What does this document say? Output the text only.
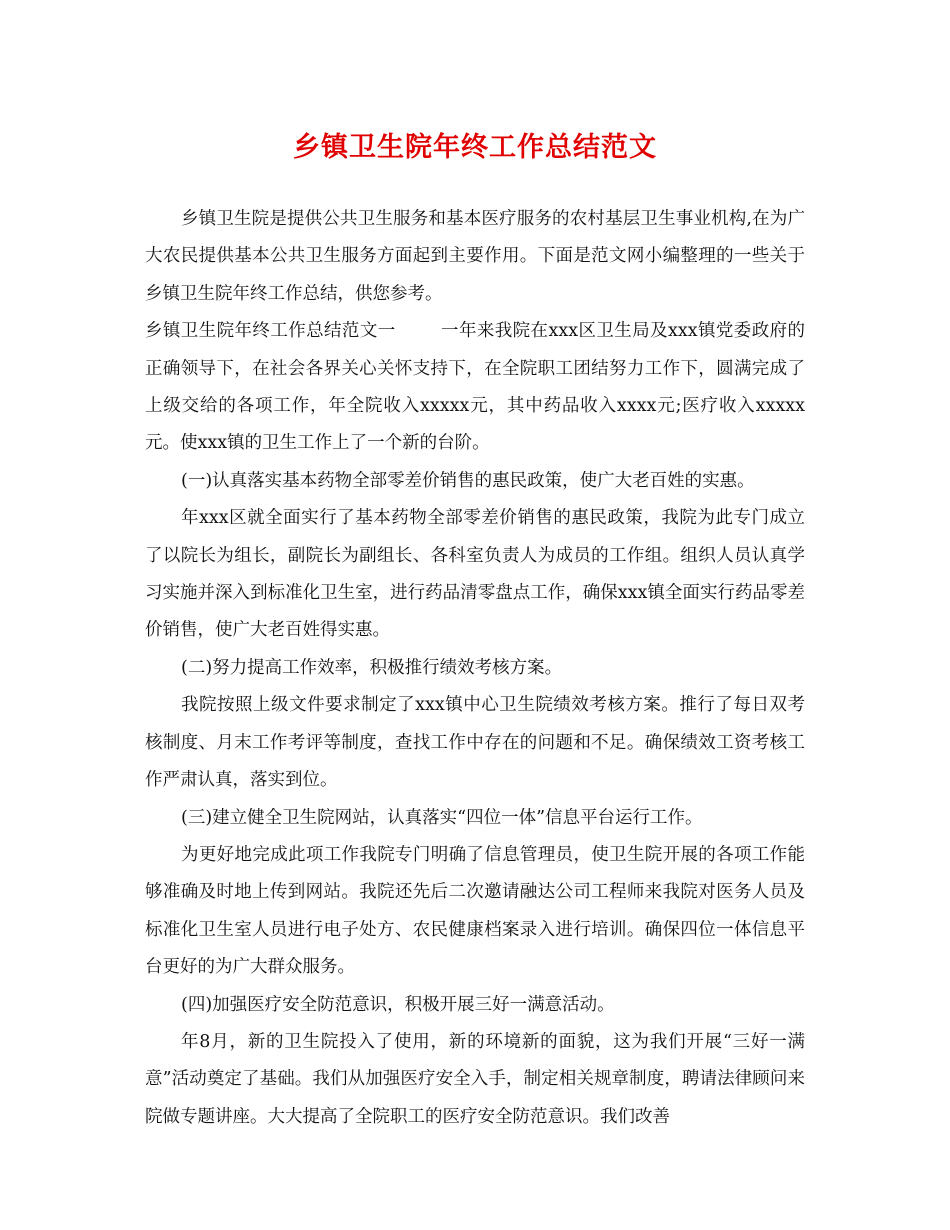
乡镇卫生院年终工作总结范文

乡镇卫生院是提供公共卫生服务和基本医疗服务的农村基层卫生事业机构,在为广大农民提供基本公共卫生服务方面起到主要作用。下面是范文网小编整理的一些关于乡镇卫生院年终工作总结，供您参考。

乡镇卫生院年终工作总结范文一	一年来我院在xxx区卫生局及xxx镇党委政府的正确领导下，在社会各界关心关怀支持下，在全院职工团结努力工作下，圆满完成了上级交给的各项工作，年全院收入xxxxx元，其中药品收入xxxx元;医疗收入xxxxx元。使xxx镇的卫生工作上了一个新的台阶。

(一)认真落实基本药物全部零差价销售的惠民政策，使广大老百姓的实惠。

年xxx区就全面实行了基本药物全部零差价销售的惠民政策，我院为此专门成立了以院长为组长，副院长为副组长、各科室负责人为成员的工作组。组织人员认真学习实施并深入到标准化卫生室，进行药品清零盘点工作，确保xxx镇全面实行药品零差价销售，使广大老百姓得实惠。

(二)努力提高工作效率，积极推行绩效考核方案。

我院按照上级文件要求制定了xxx镇中心卫生院绩效考核方案。推行了每日双考核制度、月末工作考评等制度，查找工作中存在的问题和不足。确保绩效工资考核工作严肃认真，落实到位。

(三)建立健全卫生院网站，认真落实“四位一体”信息平台运行工作。

为更好地完成此项工作我院专门明确了信息管理员，使卫生院开展的各项工作能够准确及时地上传到网站。我院还先后二次邀请融达公司工程师来我院对医务人员及标准化卫生室人员进行电子处方、农民健康档案录入进行培训。确保四位一体信息平台更好的为广大群众服务。

(四)加强医疗安全防范意识，积极开展三好一满意活动。

年8月，新的卫生院投入了使用，新的环境新的面貌，这为我们开展“三好一满意”活动奠定了基础。我们从加强医疗安全入手，制定相关规章制度，聘请法律顾问来院做专题讲座。大大提高了全院职工的医疗安全防范意识。我们改善
